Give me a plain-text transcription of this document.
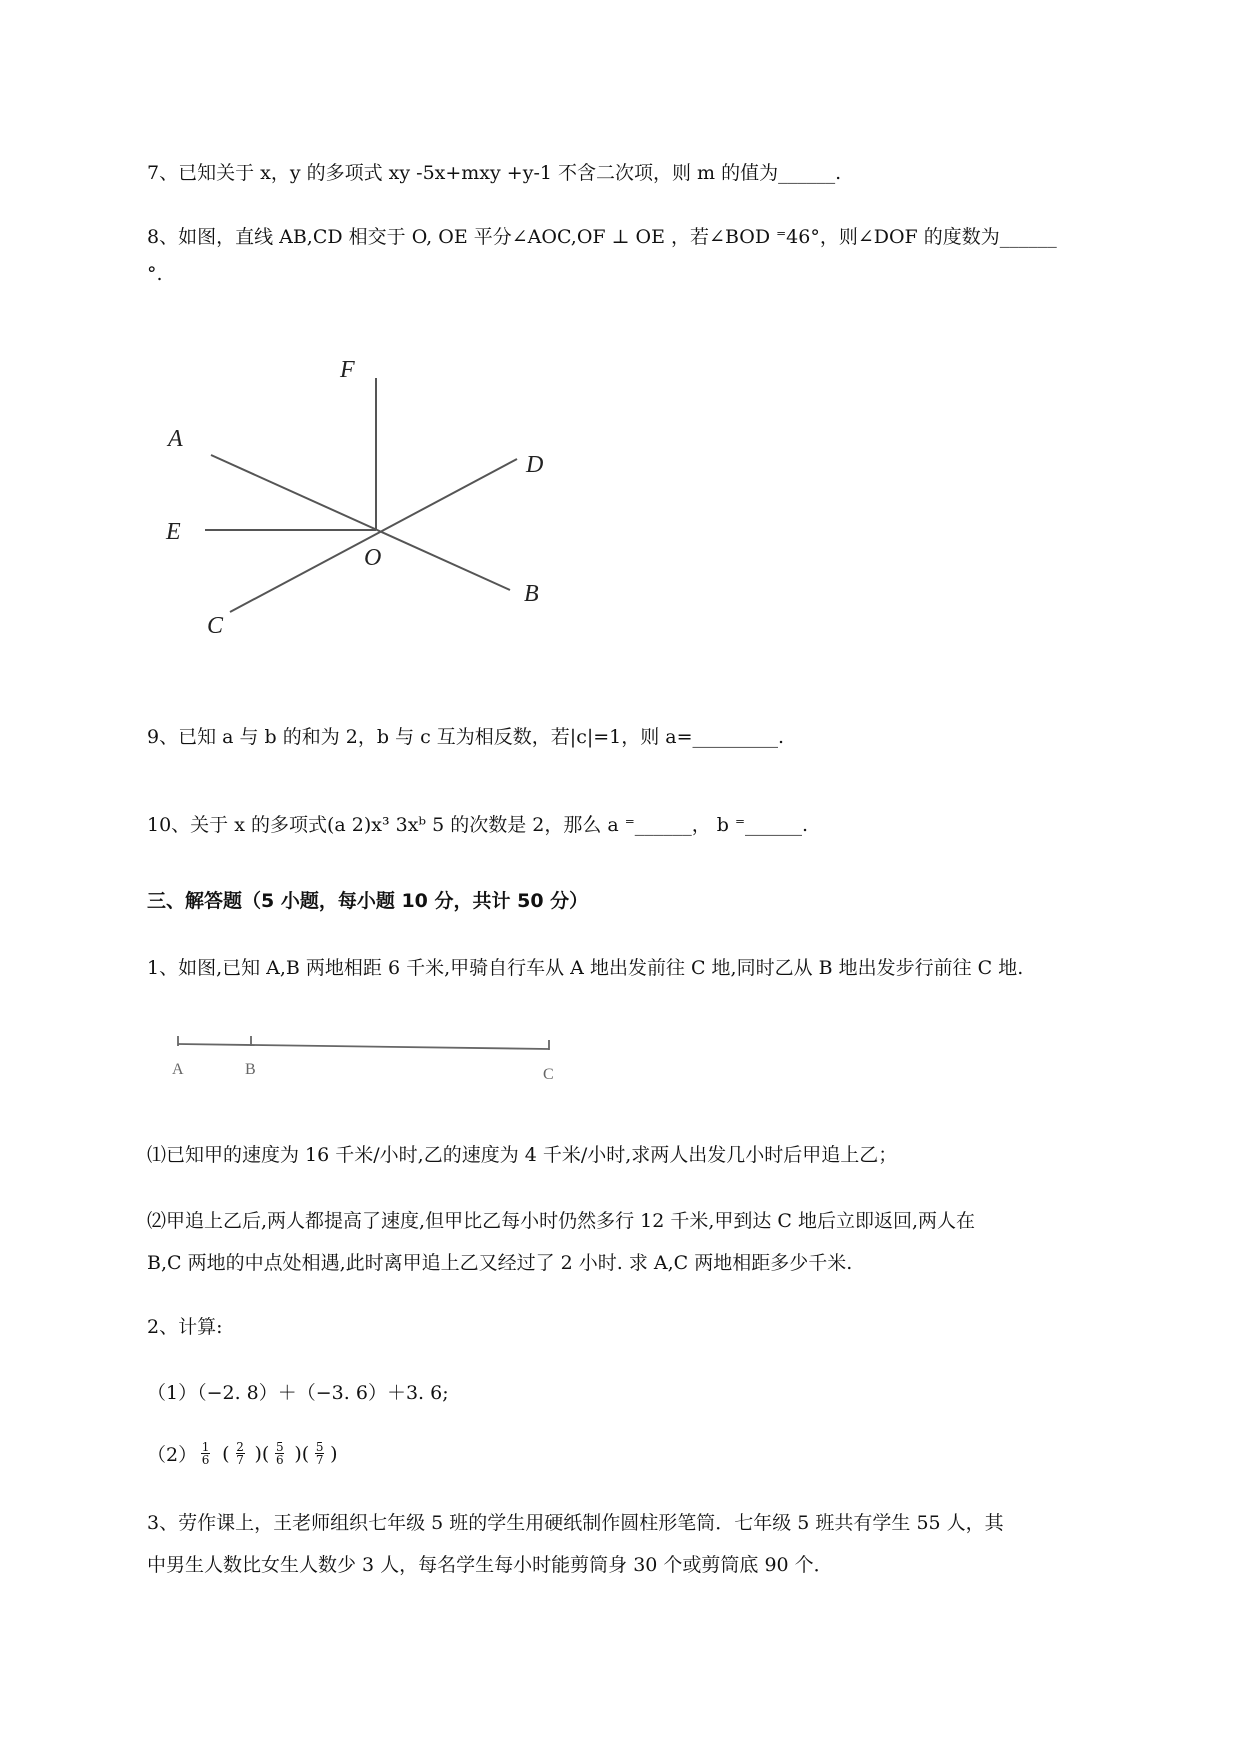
7、已知关于 x，y 的多项式 xy -5x+mxy +y-1 不含二次项，则 m 的值为______.
8、如图，直线 AB,CD 相交于 O, OE 平分∠AOC,OF ⊥ OE ，若∠BOD ⁼46°，则∠DOF 的度数为______
°.
F
A
D
E
O
B
C
9、已知 a 与 b 的和为 2，b 与 c 互为相反数，若|c|=1，则 a=_________.
10、关于 x 的多项式(a 2)x³ 3xᵇ 5 的次数是 2，那么 a ⁼______， b ⁼______.
三、解答题（5 小题，每小题 10 分，共计 50 分）
1、如图,已知 A,B 两地相距 6 千米,甲骑自行车从 A 地出发前往 C 地,同时乙从 B 地出发步行前往 C 地.
A	B	C
⑴已知甲的速度为 16 千米/小时,乙的速度为 4 千米/小时,求两人出发几小时后甲追上乙；
⑵甲追上乙后,两人都提高了速度,但甲比乙每小时仍然多行 12 千米,甲到达 C 地后立即返回,两人在
B,C 两地的中点处相遇,此时离甲追上乙又经过了 2 小时. 求 A,C 两地相距多少千米.
2、计算:
（1）（−2. 8）＋（−3. 6）＋3. 6;
（2） 1
6 ( 2
7 )( 5
6 )( 5
7 )
3、劳作课上，王老师组织七年级 5 班的学生用硬纸制作圆柱形笔筒．七年级 5 班共有学生 55 人，其
中男生人数比女生人数少 3 人，每名学生每小时能剪筒身 30 个或剪筒底 90 个．
